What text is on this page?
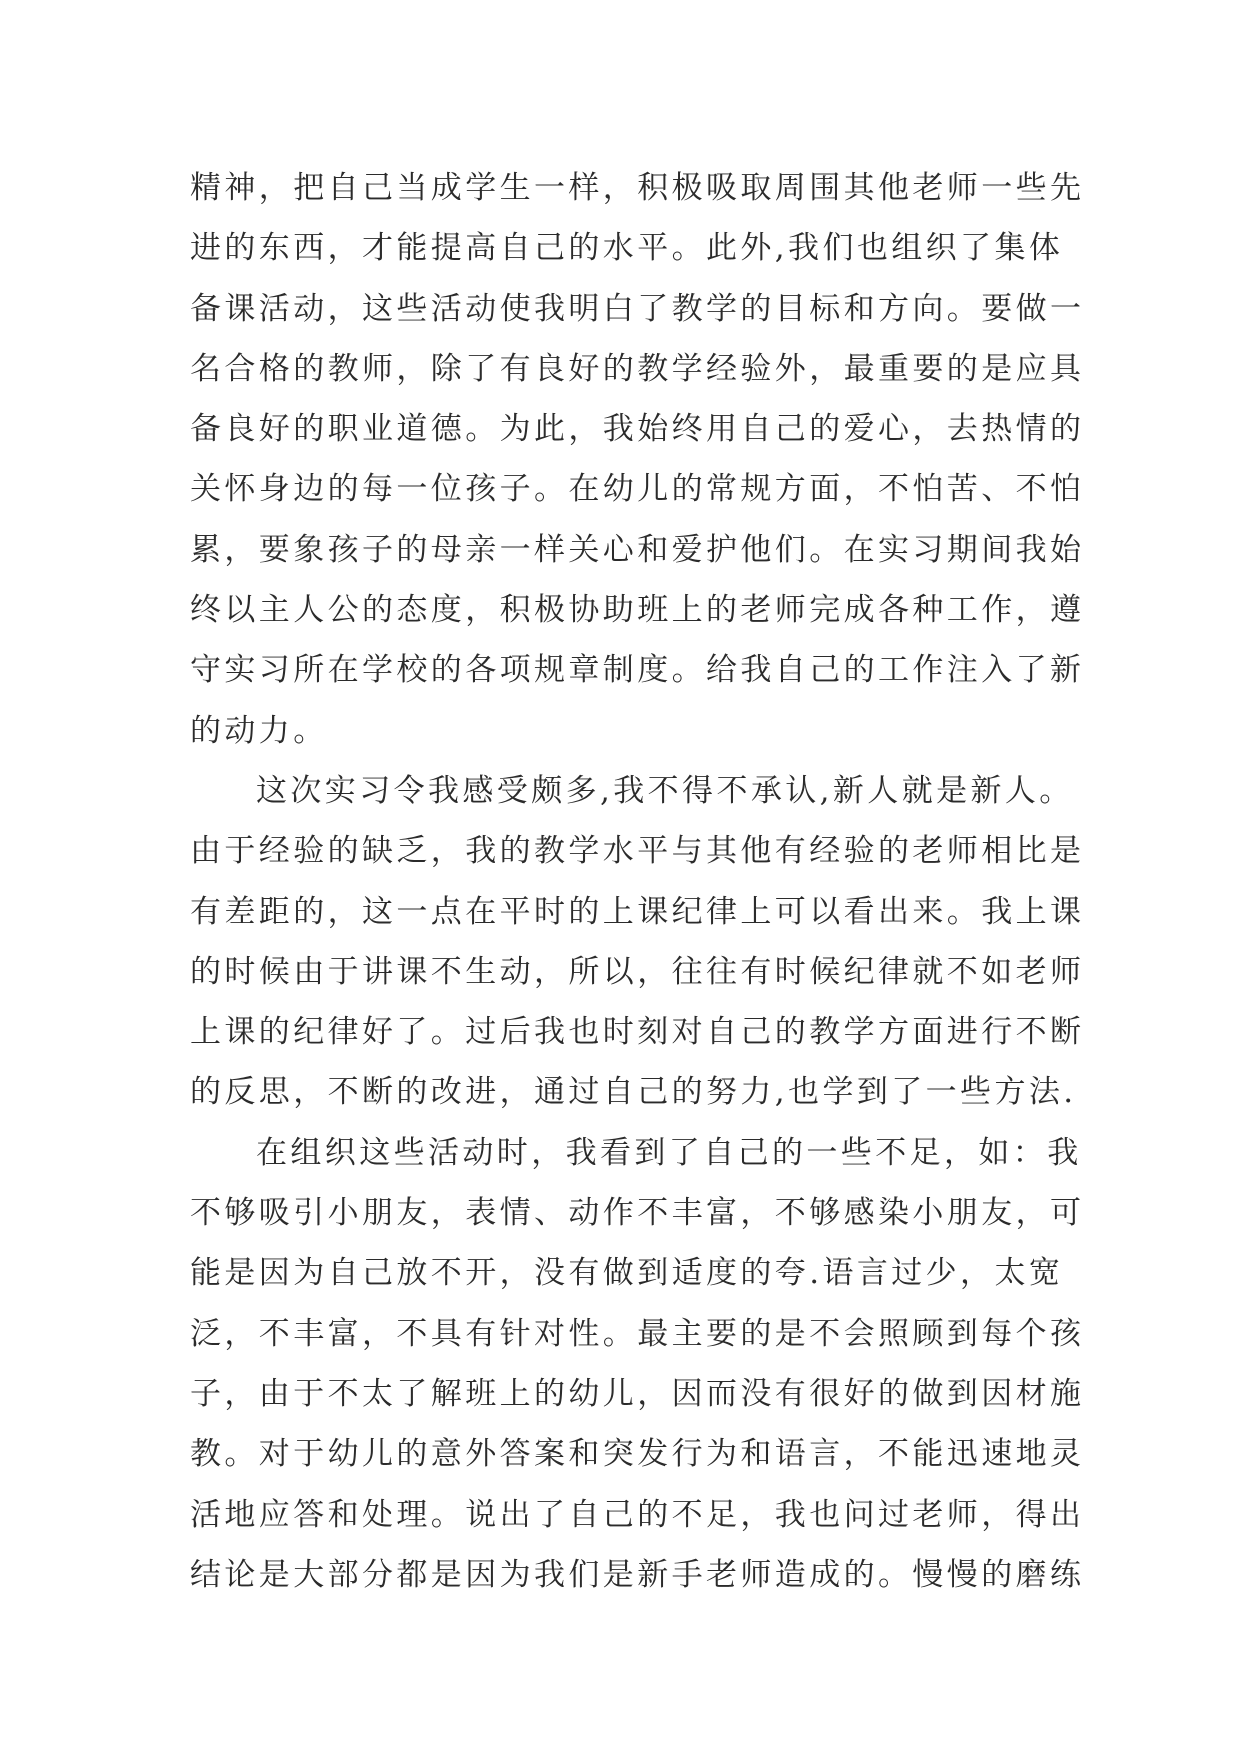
精神，把自己当成学生一样，积极吸取周围其他老师一些先
进的东西，才能提高自己的水平。此外,我们也组织了集体
备课活动，这些活动使我明白了教学的目标和方向。要做一
名合格的教师，除了有良好的教学经验外，最重要的是应具
备良好的职业道德。为此，我始终用自己的爱心，去热情的
关怀身边的每一位孩子。在幼儿的常规方面，不怕苦、不怕
累，要象孩子的母亲一样关心和爱护他们。在实习期间我始
终以主人公的态度，积极协助班上的老师完成各种工作，遵
守实习所在学校的各项规章制度。给我自己的工作注入了新
的动力。
这次实习令我感受颇多,我不得不承认,新人就是新人。
由于经验的缺乏，我的教学水平与其他有经验的老师相比是
有差距的，这一点在平时的上课纪律上可以看出来。我上课
的时候由于讲课不生动，所以，往往有时候纪律就不如老师
上课的纪律好了。过后我也时刻对自己的教学方面进行不断
的反思，不断的改进，通过自己的努力,也学到了一些方法.
在组织这些活动时，我看到了自己的一些不足，如：我
不够吸引小朋友，表情、动作不丰富，不够感染小朋友，可
能是因为自己放不开，没有做到适度的夸.语言过少，太宽
泛，不丰富，不具有针对性。最主要的是不会照顾到每个孩
子，由于不太了解班上的幼儿，因而没有很好的做到因材施
教。对于幼儿的意外答案和突发行为和语言，不能迅速地灵
活地应答和处理。说出了自己的不足，我也问过老师，得出
结论是大部分都是因为我们是新手老师造成的。慢慢的磨练
